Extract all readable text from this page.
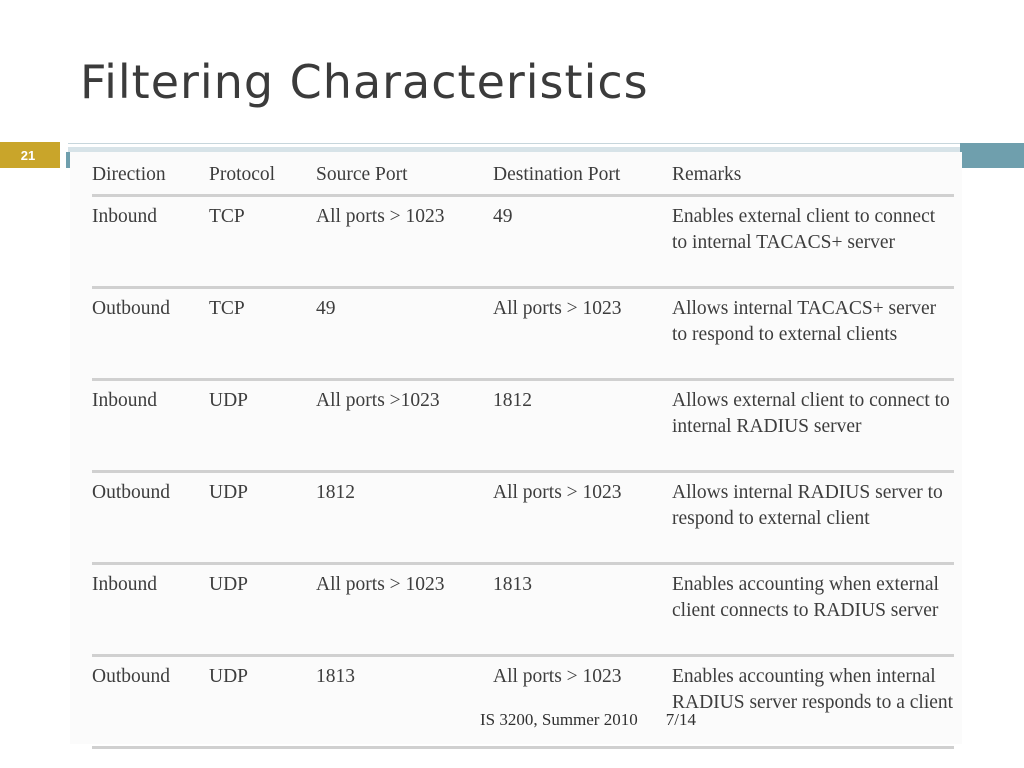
Filtering Characteristics
21
Direction	Protocol	Source Port	Destination Port	Remarks
Inbound	TCP	All ports > 1023	49	Enables external client to connect to internal TACACS+ server
Outbound	TCP	49	All ports > 1023	Allows internal TACACS+ server to respond to external clients
Inbound	UDP	All ports >1023	1812	Allows external client to connect to internal RADIUS server
Outbound	UDP	1812	All ports > 1023	Allows internal RADIUS server to respond to external client
Inbound	UDP	All ports > 1023	1813	Enables accounting when external client connects to RADIUS server
Outbound	UDP	1813	All ports > 1023	Enables accounting when internal RADIUS server responds to a client
IS 3200, Summer 2010 7/14
